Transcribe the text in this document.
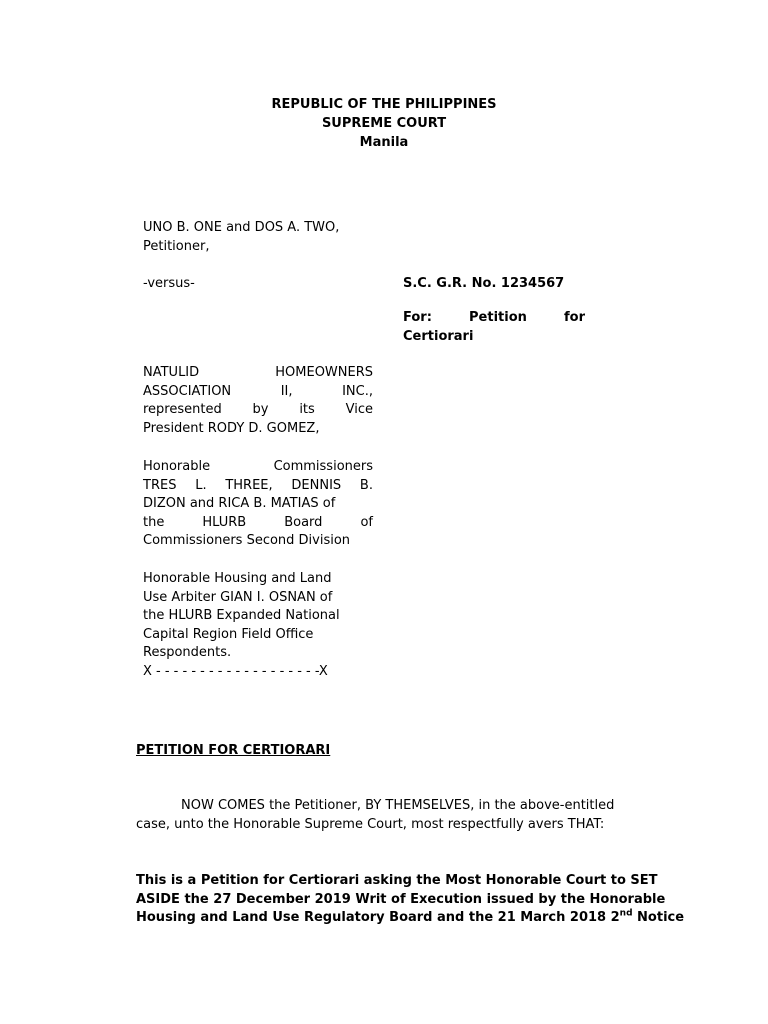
REPUBLIC OF THE PHILIPPINES
SUPREME COURT
Manila
UNO B. ONE and DOS A. TWO,
Petitioner,
-versus-	S.C. G.R. No. 1234567
For:	Petition	for
Certiorari
NATULID	HOMEOWNERS
ASSOCIATION	II,	INC.,
represented by its Vice
President RODY D. GOMEZ,
Honorable	Commissioners
TRES L. THREE, DENNIS B.
DIZON and RICA B. MATIAS of
the	HLURB	Board	of
Commissioners Second Division
Honorable Housing and Land
Use Arbiter GIAN I. OSNAN of
the HLURB Expanded National
Capital Region Field Office
Respondents.
X - - - - - - - - - - - - - - - - - - -X
PETITION FOR CERTIORARI
NOW COMES the Petitioner, BY THEMSELVES, in the above-entitled
case, unto the Honorable Supreme Court, most respectfully avers THAT:
This is a Petition for Certiorari asking the Most Honorable Court to SET
ASIDE the 27 December 2019 Writ of Execution issued by the Honorable
Housing and Land Use Regulatory Board and the 21 March 2018 2nd Notice
